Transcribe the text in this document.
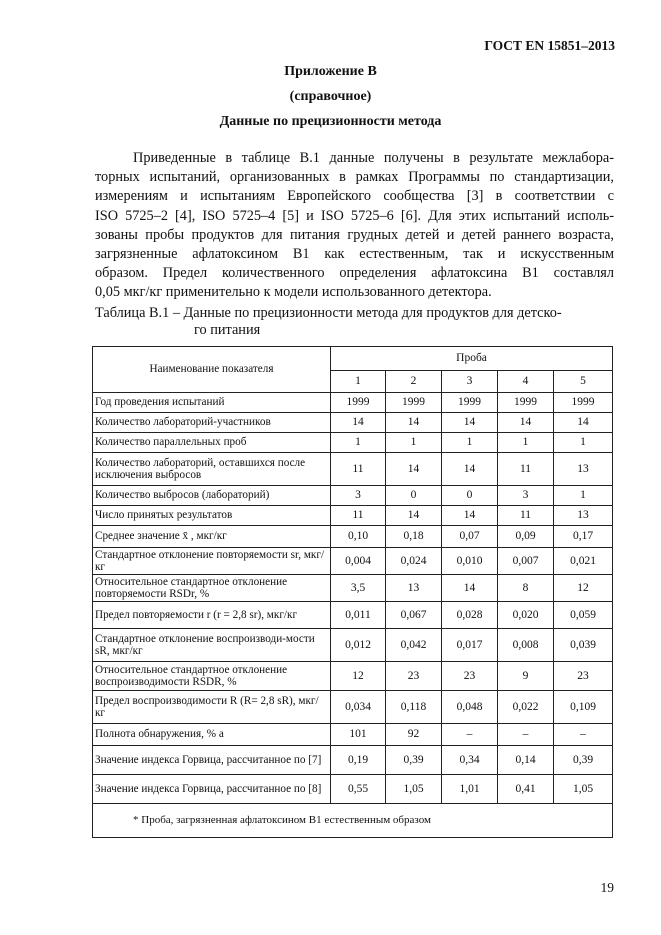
ГОСТ EN 15851–2013
Приложение В
(справочное)
Данные по прецизионности метода
Приведенные в таблице В.1 данные получены в результате межлабора-
торных испытаний, организованных в рамках Программы по стандартизации,
измерениям и испытаниям Европейского сообщества [3] в соответствии с
ISO 5725–2 [4], ISO 5725–4 [5] и ISO 5725–6 [6]. Для этих испытаний исполь-
зованы пробы продуктов для питания грудных детей и детей раннего возраста,
загрязненные афлатоксином B1 как естественным, так и искусственным
образом. Предел количественного определения афлатоксина B1 составлял
0,05 мкг/кг применительно к модели использованного детектора.
Таблица В.1 – Данные по прецизионности метода для продуктов для детско-
го питания
Наименование показателя	Проба				
	1	2	3	4	5
Год проведения испытаний	1999	1999	1999	1999	1999
Количество лабораторий-участников	14	14	14	14	14
Количество параллельных проб	1	1	1	1	1
Количество лабораторий, оставшихся после исключения выбросов	11	14	14	11	13
Количество выбросов (лабораторий)	3	0	0	3	1
Число принятых результатов	11	14	14	11	13
Среднее значение x̄ , мкг/кг	0,10	0,18	0,07	0,09	0,17
Стандартное отклонение повторяемости sr, мкг/кг	0,004	0,024	0,010	0,007	0,021
Относительное стандартное отклонение повторяемости RSDr, %	3,5	13	14	8	12
Предел повторяемости r (r = 2,8 sr), мкг/кг	0,011	0,067	0,028	0,020	0,059
Стандартное отклонение воспроизводи-мости sR, мкг/кг	0,012	0,042	0,017	0,008	0,039
Относительное стандартное отклонение воспроизводимости RSDR, %	12	23	23	9	23
Предел воспроизводимости R (R= 2,8 sR), мкг/кг	0,034	0,118	0,048	0,022	0,109
Полнота обнаружения, % a	101	92	–	–	–
Значение индекса Горвица, рассчитанное по [7]	0,19	0,39	0,34	0,14	0,39
Значение индекса Горвица, рассчитанное по [8]	0,55	1,05	1,01	0,41	1,05
* Проба, загрязненная афлатоксином B1 естественным образом					
19
